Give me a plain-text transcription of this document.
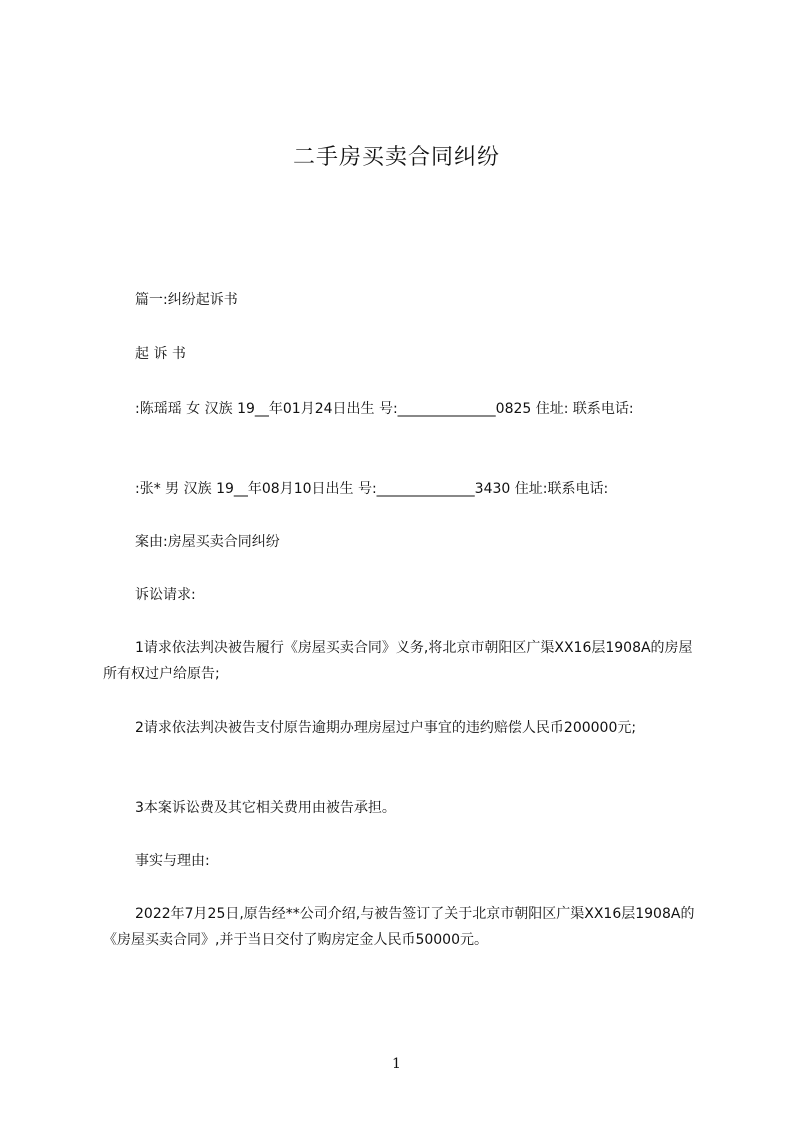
二手房买卖合同纠纷

篇一:纠纷起诉书

起 诉 书

:陈瑶瑶 女 汉族 19__年01月24日出生 号:______________0825 住址: 联系电话:

:张* 男 汉族 19__年08月10日出生 号:______________3430 住址:联系电话:

案由:房屋买卖合同纠纷

诉讼请求:

1请求依法判决被告履行《房屋买卖合同》义务,将北京市朝阳区广渠XX16层1908A的房屋所有权过户给原告;

2请求依法判决被告支付原告逾期办理房屋过户事宜的违约赔偿人民币200000元;

3本案诉讼费及其它相关费用由被告承担。

事实与理由:

2022年7月25日,原告经**公司介绍,与被告签订了关于北京市朝阳区广渠XX16层1908A的《房屋买卖合同》,并于当日交付了购房定金人民币50000元。

1
